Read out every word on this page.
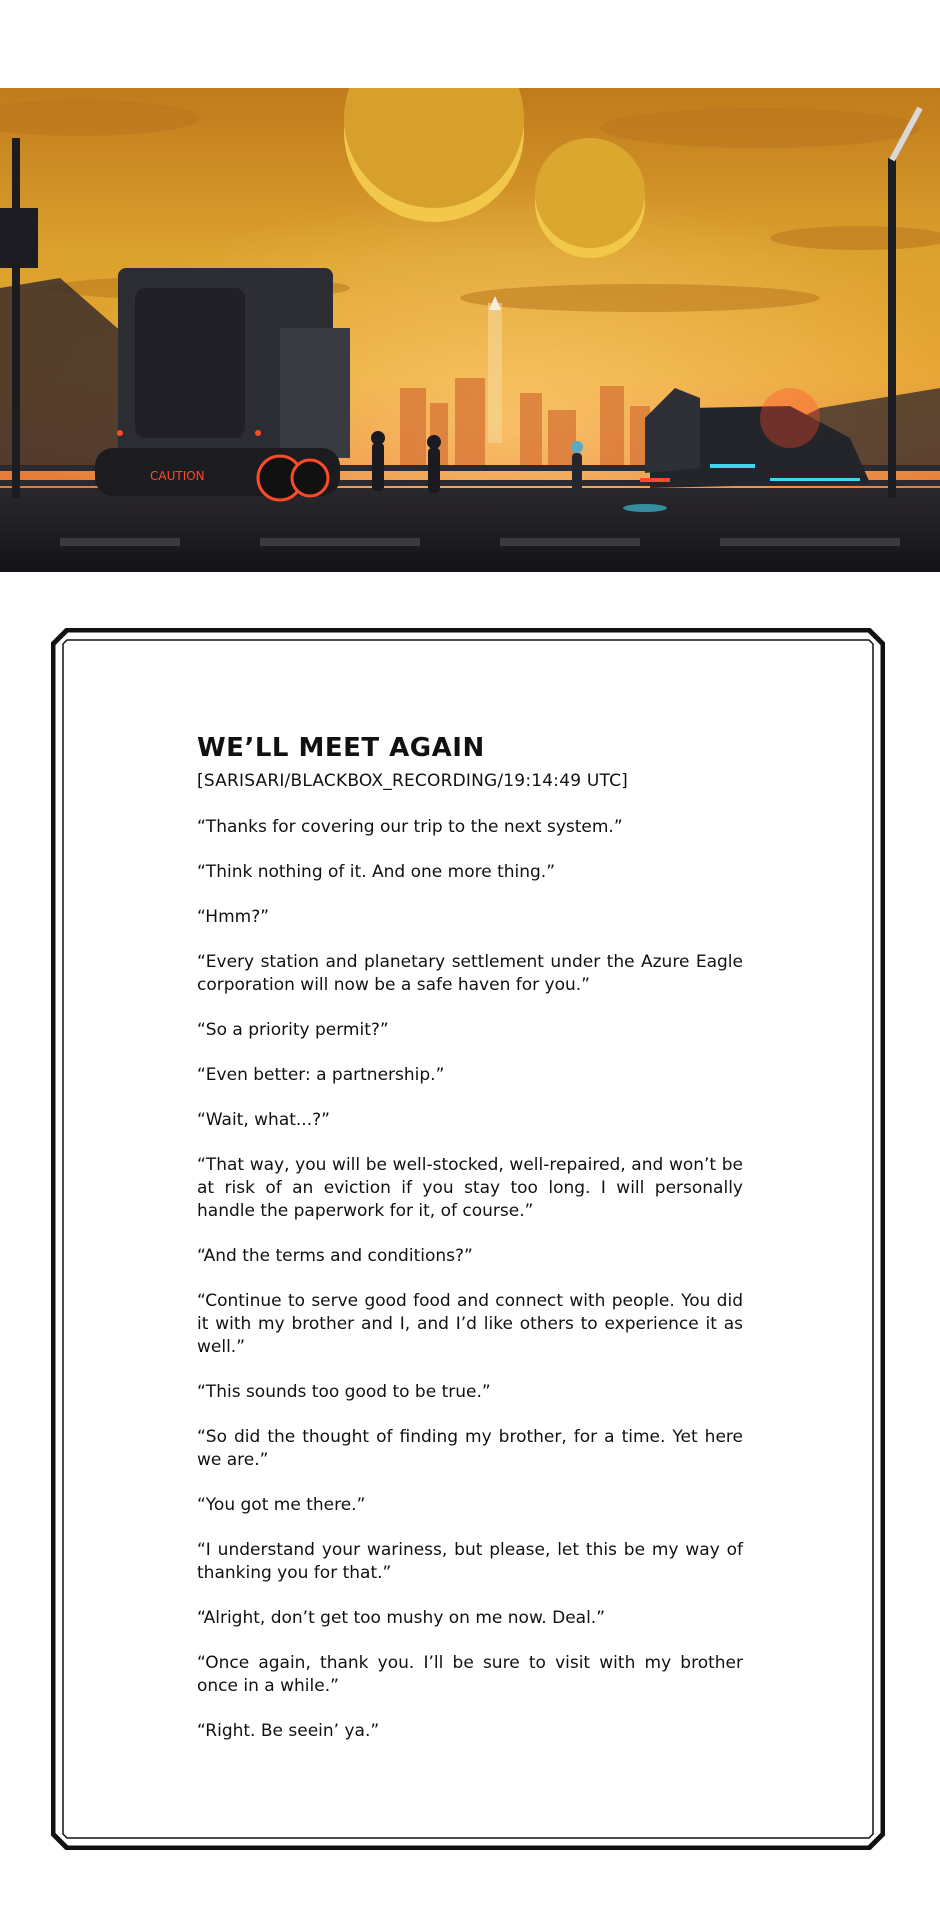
CAUTION
WE’LL MEET AGAIN
[SARISARI/BLACKBOX_RECORDING/19:14:49 UTC]

“Thanks for covering our trip to the next system.”

“Think nothing of it. And one more thing.”

“Hmm?”

“Every station and planetary settlement under the Azure Eagle corporation will now be a safe haven for you.”

“So a priority permit?”

“Even better: a partnership.”

“Wait, what...?”

“That way, you will be well-stocked, well-repaired, and won’t be at risk of an eviction if you stay too long. I will personally handle the paperwork for it, of course.”

“And the terms and conditions?”

“Continue to serve good food and connect with people. You did it with my brother and I, and I’d like others to experience it as well.”

“This sounds too good to be true.”

“So did the thought of finding my brother, for a time. Yet here we are.”

“You got me there.”

“I understand your wariness, but please, let this be my way of thanking you for that.”

“Alright, don’t get too mushy on me now. Deal.”

“Once again, thank you. I’ll be sure to visit with my brother once in a while.”

“Right. Be seein’ ya.”
